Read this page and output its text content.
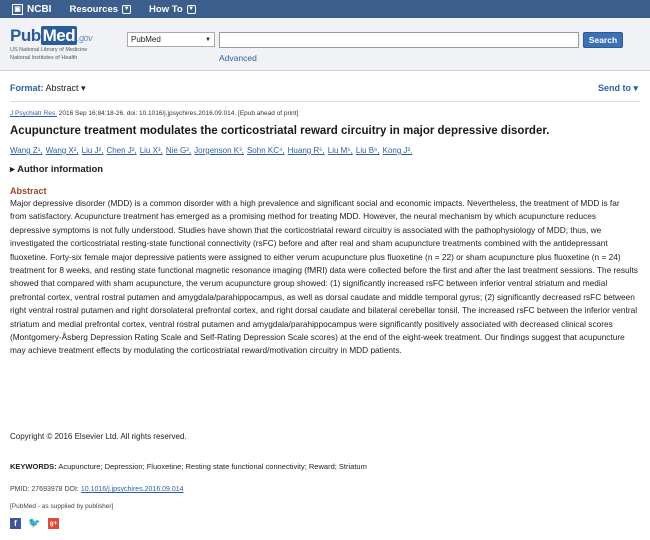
▣ NCBI Resources ▼ How To ▼
Pub Med .gov
US National Library of Medicine
National Institutes of Health
PubMed	▼	Search
Advanced
Format: Abstract ▾	Send to ▾
J Psychiatr Res. 2016 Sep 16;84:18-26. doi: 10.1016/j.jpsychires.2016.09.014. [Epub ahead of print]
Acupuncture treatment modulates the corticostriatal reward circuitry in major depressive disorder.
Wang Z¹, Wang X², Liu J², Chen J², Liu X³, Nie G², Jorgenson K³, Sohn KC⁴, Huang R⁵, Liu M⁵, Liu B⁶, Kong J³.
▸ Author information
Abstract
Major depressive disorder (MDD) is a common disorder with a high prevalence and significant social and economic impacts. Nevertheless, the treatment of MDD is far from satisfactory. Acupuncture treatment has emerged as a promising method for treating MDD. However, the neural mechanism by which acupuncture reduces depressive symptoms is not fully understood. Studies have shown that the corticostriatal reward circuitry is associated with the pathophysiology of MDD; thus, we investigated the corticostriatal resting-state functional connectivity (rsFC) before and after real and sham acupuncture treatments combined with the antidepressant fluoxetine. Forty-six female major depressive patients were assigned to either verum acupuncture plus fluoxetine (n = 22) or sham acupuncture plus fluoxetine (n = 24) treatment for 8 weeks, and resting state functional magnetic resonance imaging (fMRI) data were collected before the first and after the last treatment sessions. The results showed that compared with sham acupuncture, the verum acupuncture group showed: (1) significantly increased rsFC between inferior ventral striatum and medial prefrontal cortex, ventral rostral putamen and amygdala/parahippocampus, as well as dorsal caudate and middle temporal gyrus; (2) significantly decreased rsFC between right ventral rostral putamen and right dorsolateral prefrontal cortex, and right dorsal caudate and bilateral cerebellar tonsil. The increased rsFC between the inferior ventral striatum and medial prefrontal cortex, ventral rostral putamen and amygdala/parahippocampus were significantly positively associated with decreased clinical scores (Montgomery-Åsberg Depression Rating Scale and Self-Rating Depression Scale scores) at the end of the eight-week treatment. Our findings suggest that acupuncture may achieve treatment effects by modulating the corticostriatal reward/motivation circuitry in MDD patients.
Copyright © 2016 Elsevier Ltd. All rights reserved.
KEYWORDS: Acupuncture; Depression; Fluoxetine; Resting state functional connectivity; Reward; Striatum
PMID: 27693978 DOI: 10.1016/j.jpsychires.2016.09.014
[PubMed - as supplied by publisher]
f	🐦	g+
